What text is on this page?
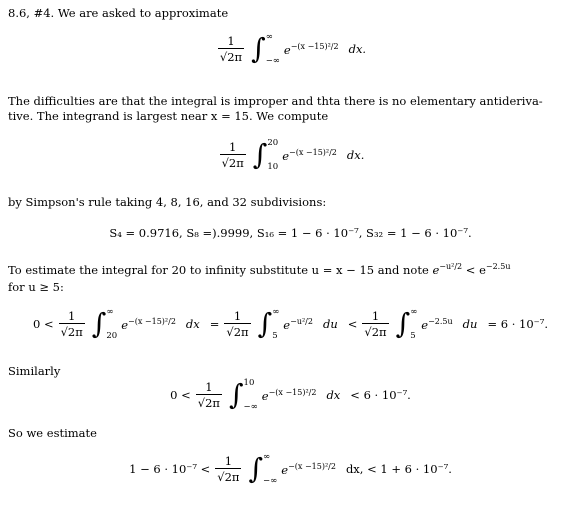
8.6, #4. We are asked to approximate
$\frac{1}{√2\pi}$ ∫ ∞
−∞
$e^{-(x -15)^2/2}$ dx.
The difficulties are that the integral is improper and thta there is no elementary antideriva-
tive. The integrand is largest near x = 15. We compute
$\frac{1}{√2\pi}$ ∫ 20
10
$e^{-(x -15)^2/2}$ dx.
by Simpson's rule taking 4, 8, 16, and 32 subdivisions:
S₄ = 0.9716, S₈ =).9999, S₁₆ = 1 − 6 · 10⁻⁷, S₃₂ = 1 − 6 · 10⁻⁷.
To estimate the integral for 20 to infinity substitute u = x − 15 and note $e^{-u^2/2} < e^{-2.5u}$
for u ≥ 5:
$0 < \frac{1}{√2\pi}$ ∫ ∞
20
$e^{-(x -15)^2/2}$ dx = $\frac{1}{√2\pi}$ ∫ ∞
5
$e^{-u^2/2}$ du < $\frac{1}{√2\pi}$ ∫ ∞
5
$e^{-2.5u}$ du = 6 · 10⁻⁷.
Similarly
$0 < \frac{1}{√2\pi}$ ∫ 10
−∞
$e^{-(x -15)^2/2}$ dx < 6 · 10⁻⁷.
So we estimate
$1 - 6 \cdot 10^{-7} < \frac{1}{√2\pi}$ ∫ ∞
−∞
$e^{-(x -15)^2/2}$ dx, < 1 + 6 · 10⁻⁷.
